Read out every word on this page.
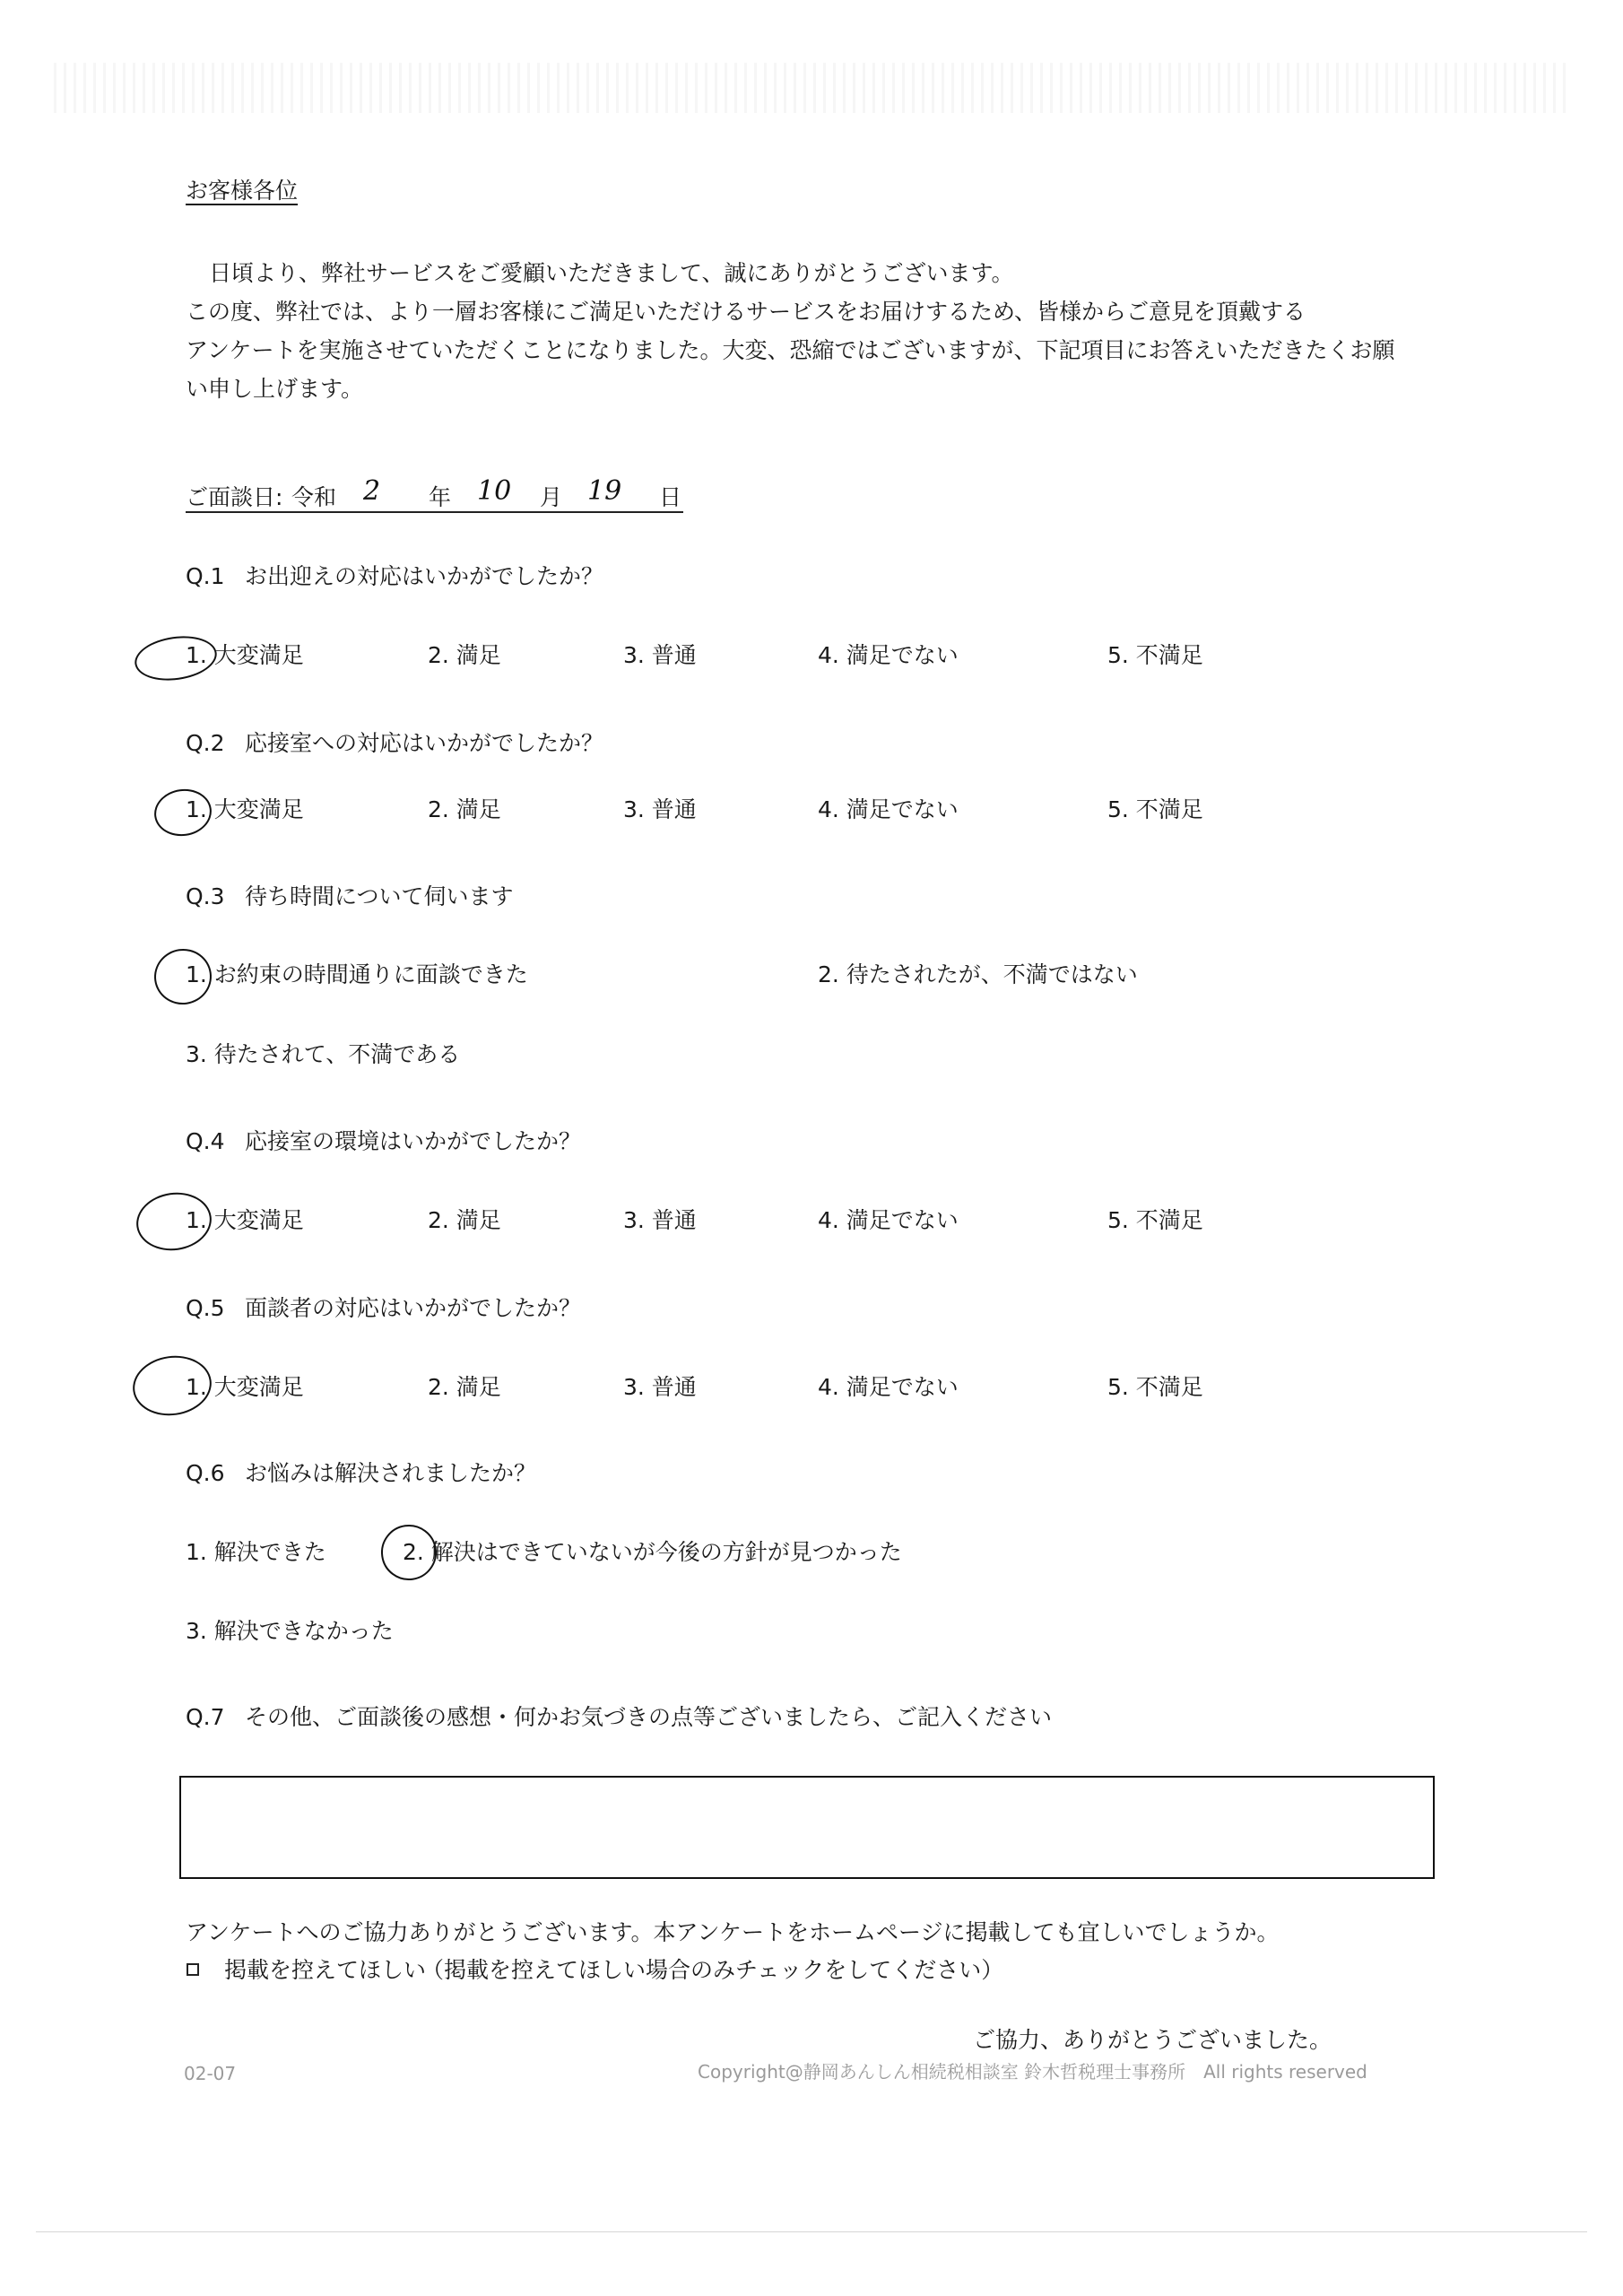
お客様各位
日頃より、弊社サービスをご愛顧いただきまして、誠にありがとうございます。
この度、弊社では、より一層お客様にご満足いただけるサービスをお届けするため、皆様からご意見を頂戴する
アンケートを実施させていただくことになりました。大変、恐縮ではございますが、下記項目にお答えいただきたくお願
い申し上げます。
ご面談日: 令和 2 年 10 月 19 日
Q.1 お出迎えの対応はいかがでしたか？
1. 大変満足	2. 満足	3. 普通	4. 満足でない	5. 不満足
Q.2 応接室への対応はいかがでしたか？
1. 大変満足	2. 満足	3. 普通	4. 満足でない	5. 不満足
Q.3 待ち時間について伺います
1. お約束の時間通りに面談できた	2. 待たされたが、不満ではない
3. 待たされて、不満である
Q.4 応接室の環境はいかがでしたか？
1. 大変満足	2. 満足	3. 普通	4. 満足でない	5. 不満足
Q.5 面談者の対応はいかがでしたか？
1. 大変満足	2. 満足	3. 普通	4. 満足でない	5. 不満足
Q.6 お悩みは解決されましたか？
1. 解決できた	2. 解決はできていないが今後の方針が見つかった
3. 解決できなかった
Q.7 その他、ご面談後の感想・何かお気づきの点等ございましたら、ご記入ください
アンケートへのご協力ありがとうございます。本アンケートをホームページに掲載しても宜しいでしょうか。
掲載を控えてほしい
（掲載を控えてほしい場合のみチェックをしてください）
ご協力、ありがとうございました。
02-07	Copyright@静岡あんしん相続税相談室 鈴木哲税理士事務所　All rights reserved
